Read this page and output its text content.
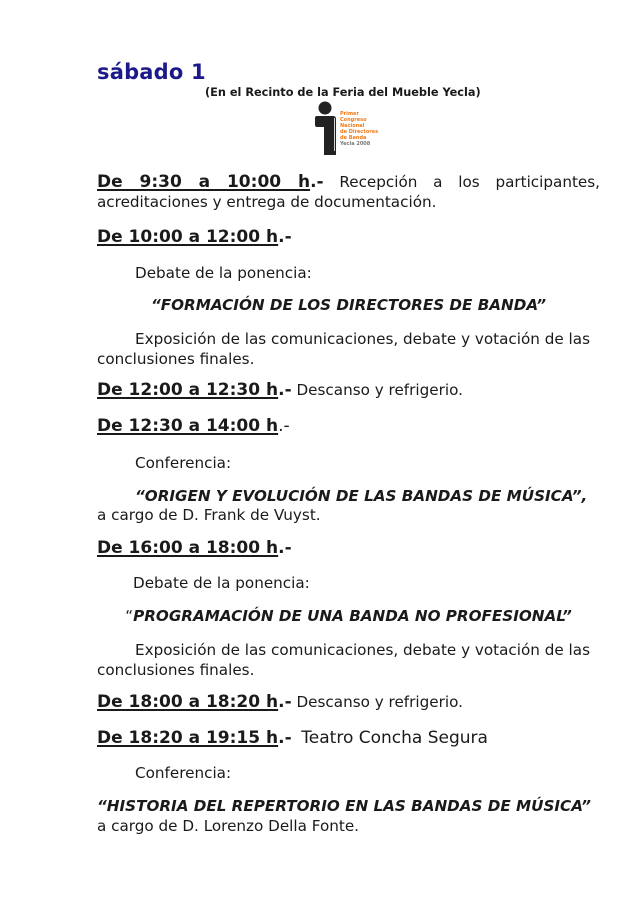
sábado 1

(En el Recinto de la Feria del Mueble Yecla)

Primer
Congreso
Nacional
de Directores
de Banda
Yecla 2008

De 9:30 a 10:00 h.- Recepción a los participantes, acreditaciones y entrega de documentación.

De 10:00 a 12:00 h.-

Debate de la ponencia:

“FORMACIÓN DE LOS DIRECTORES DE BANDA”

Exposición de las comunicaciones, debate y votación de las conclusiones finales.

De 12:00 a 12:30 h.- Descanso y refrigerio.

De 12:30 a 14:00 h.-

Conferencia:

“ORIGEN Y EVOLUCIÓN DE LAS BANDAS DE MÚSICA”,

a cargo de D. Frank de Vuyst.

De 16:00 a 18:00 h.-

Debate de la ponencia:

“PROGRAMACIÓN DE UNA BANDA NO PROFESIONAL”

Exposición de las comunicaciones, debate y votación de las conclusiones finales.

De 18:00 a 18:20 h.- Descanso y refrigerio.

De 18:20 a 19:15 h.- Teatro Concha Segura

Conferencia:

“HISTORIA DEL REPERTORIO EN LAS BANDAS DE MÚSICA”

a cargo de D. Lorenzo Della Fonte.
